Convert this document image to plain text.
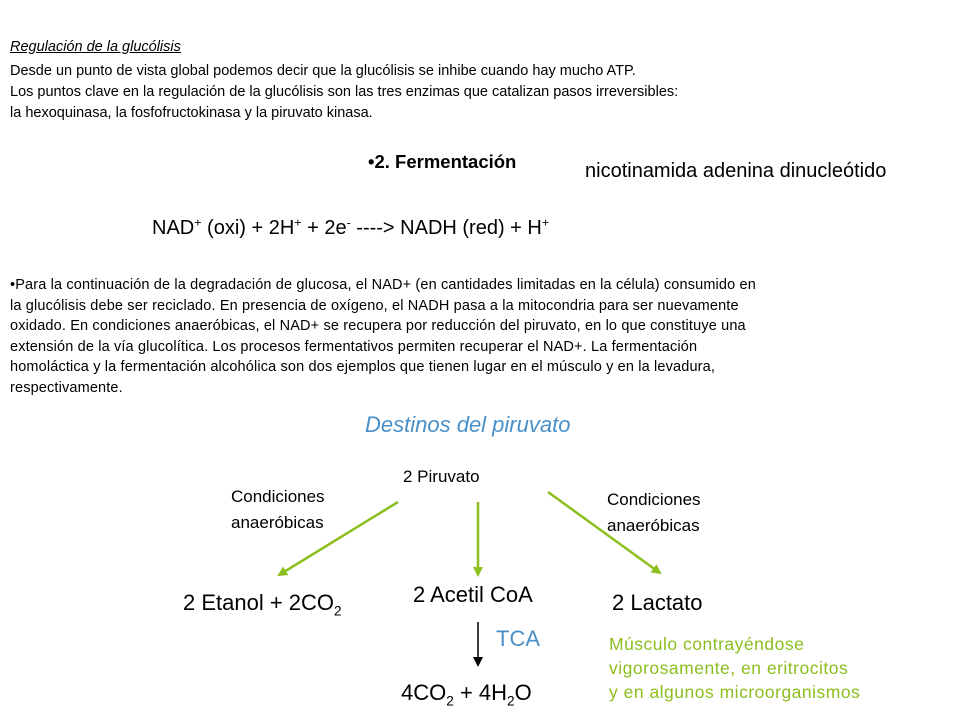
Regulación de la glucólisis
Desde un punto de vista global podemos decir que la glucólisis se inhibe cuando hay mucho ATP.
Los puntos clave en la regulación de la glucólisis son las tres enzimas que catalizan pasos irreversibles:
la hexoquinasa, la fosfofructokinasa y la piruvato kinasa.
•2. Fermentación	nicotinamida adenina dinucleótido
NAD+ (oxi) + 2H+ + 2e- ----> NADH (red) + H+
•Para la continuación de la degradación de glucosa, el NAD+ (en cantidades limitadas en la célula) consumido en
la glucólisis debe ser reciclado. En presencia de oxígeno, el NADH pasa a la mitocondria para ser nuevamente
oxidado. En condiciones anaeróbicas, el NAD+ se recupera por reducción del piruvato, en lo que constituye una
extensión de la vía glucolítica. Los procesos fermentativos permiten recuperar el NAD+. La fermentación
homoláctica y la fermentación alcohólica son dos ejemplos que tienen lugar en el músculo y en la levadura,
respectivamente.
Destinos del piruvato
2 Piruvato
Condiciones
anaeróbicas
Condiciones
anaeróbicas
2 Etanol + $2CO_2$
2 Acetil CoA	2 Lactato
TCA
$4CO_2 + 4H_2O$
Músculo contrayéndose
vigorosamente, en eritrocitos
y en algunos microorganismos
